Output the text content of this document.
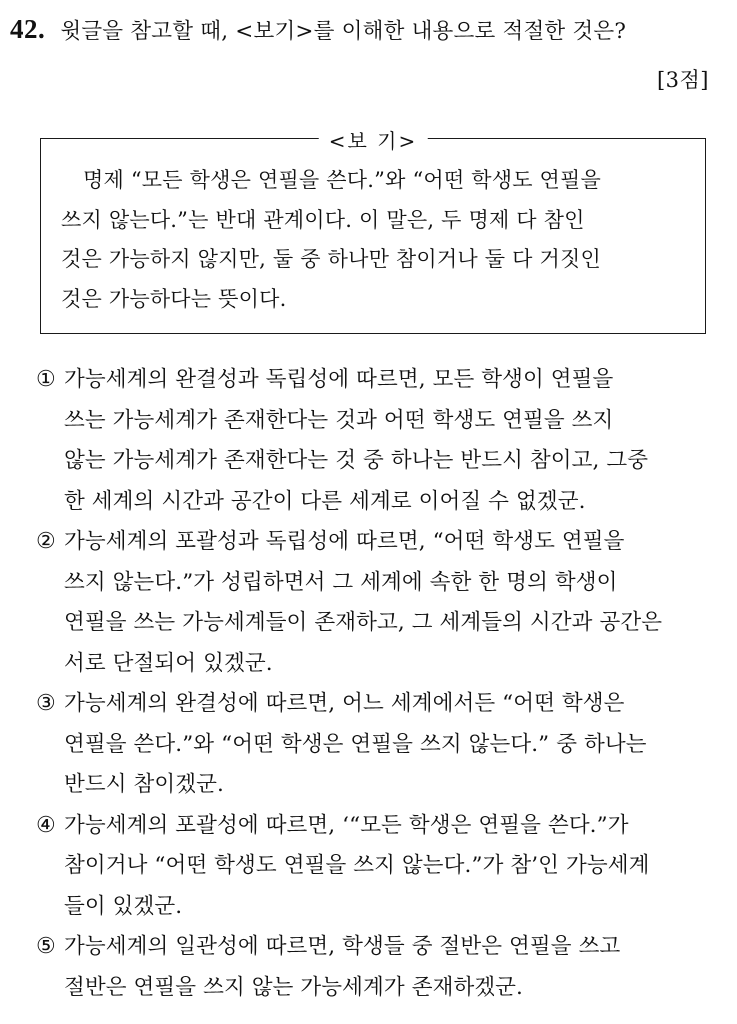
42. 윗글을 참고할 때, <보기>를 이해한 내용으로 적절한 것은?
[3점]
<보 기>
명제 “모든 학생은 연필을 쓴다.”와 “어떤 학생도 연필을
쓰지 않는다.”는 반대 관계이다. 이 말은, 두 명제 다 참인
것은 가능하지 않지만, 둘 중 하나만 참이거나 둘 다 거짓인
것은 가능하다는 뜻이다.
① 가능세계의 완결성과 독립성에 따르면, 모든 학생이 연필을
쓰는 가능세계가 존재한다는 것과 어떤 학생도 연필을 쓰지
않는 가능세계가 존재한다는 것 중 하나는 반드시 참이고, 그중
한 세계의 시간과 공간이 다른 세계로 이어질 수 없겠군.
② 가능세계의 포괄성과 독립성에 따르면, “어떤 학생도 연필을
쓰지 않는다.”가 성립하면서 그 세계에 속한 한 명의 학생이
연필을 쓰는 가능세계들이 존재하고, 그 세계들의 시간과 공간은
서로 단절되어 있겠군.
③ 가능세계의 완결성에 따르면, 어느 세계에서든 “어떤 학생은
연필을 쓴다.”와 “어떤 학생은 연필을 쓰지 않는다.” 중 하나는
반드시 참이겠군.
④ 가능세계의 포괄성에 따르면, ‘“모든 학생은 연필을 쓴다.”가
참이거나 “어떤 학생도 연필을 쓰지 않는다.”가 참’인 가능세계
들이 있겠군.
⑤ 가능세계의 일관성에 따르면, 학생들 중 절반은 연필을 쓰고
절반은 연필을 쓰지 않는 가능세계가 존재하겠군.
